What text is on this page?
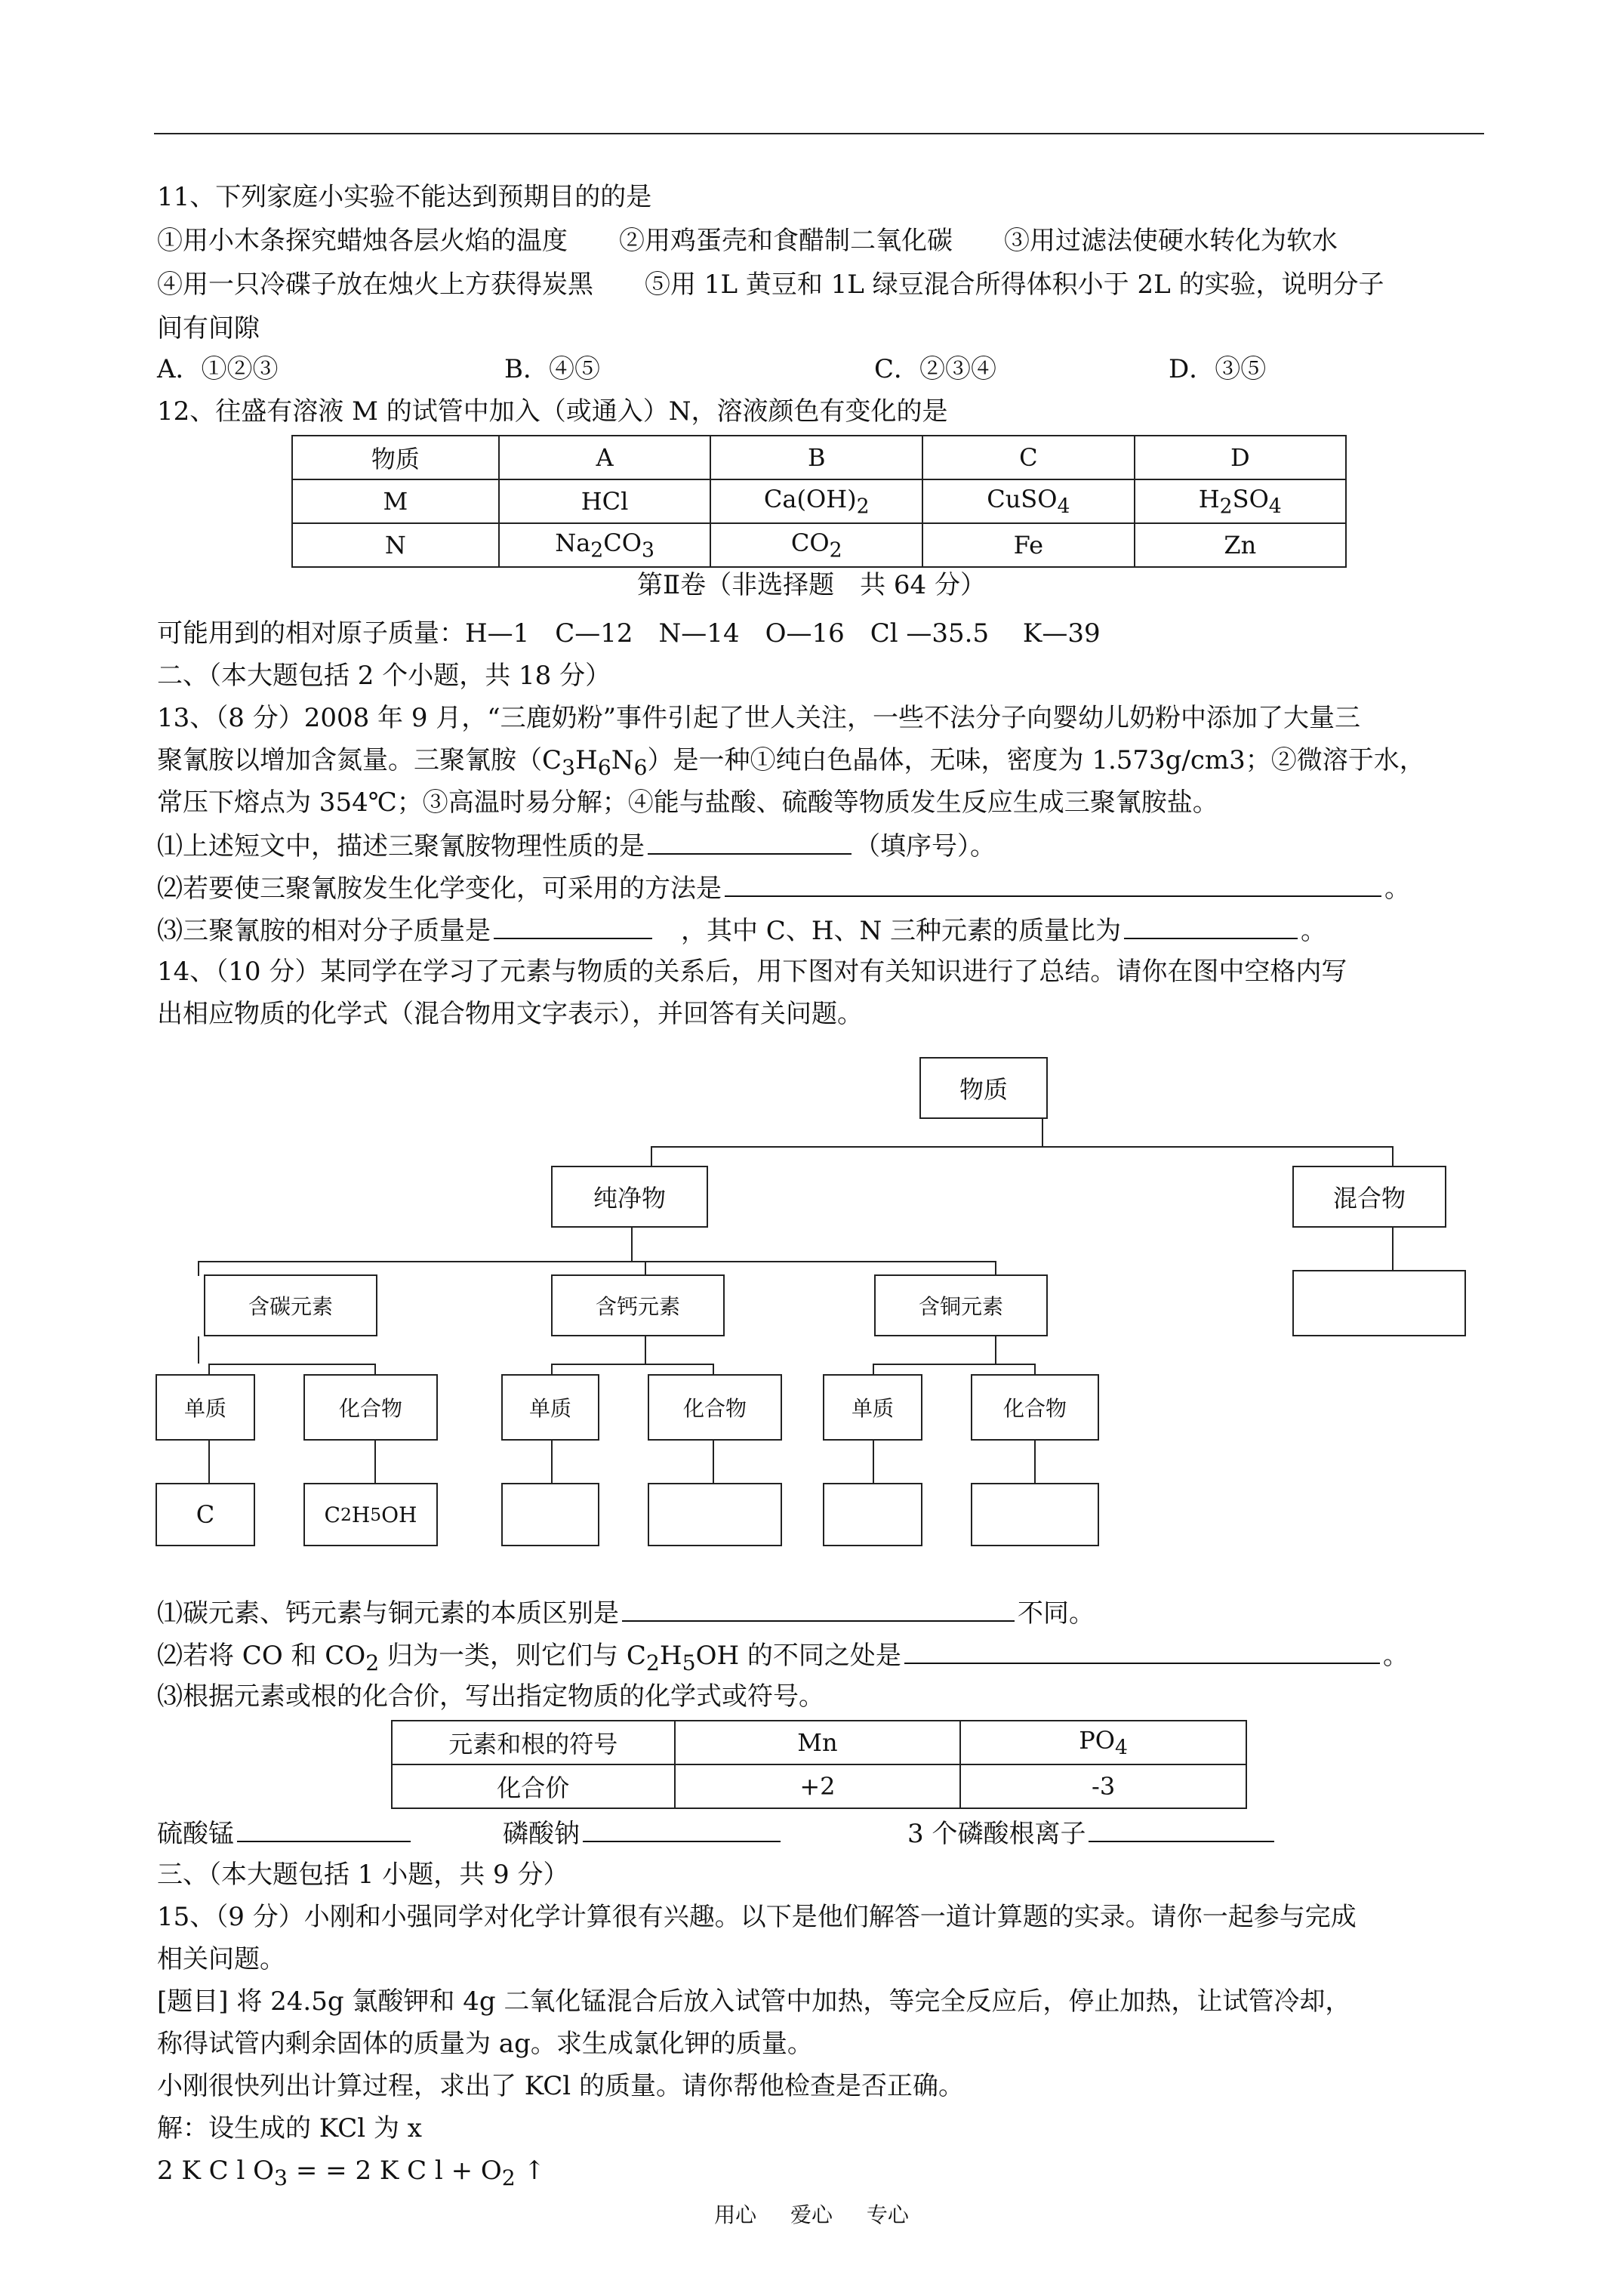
11、下列家庭小实验不能达到预期目的的是
①用小木条探究蜡烛各层火焰的温度　　②用鸡蛋壳和食醋制二氧化碳　　③用过滤法使硬水转化为软水
④用一只冷碟子放在烛火上方获得炭黑　　⑤用 1L 黄豆和 1L 绿豆混合所得体积小于 2L 的实验，说明分子
间有间隙
A．①②③	B．④⑤	C．②③④	D．③⑤
12、往盛有溶液 M 的试管中加入（或通入）N，溶液颜色有变化的是
物质	A	B	C	D
M	HCl	$Ca(OH)_2$	CuSO$_4$	$H_2SO_4$
N	$Na_2CO_3$	$CO_2$	Fe	Zn
第Ⅱ卷（非选择题　共 64 分）
可能用到的相对原子质量：H—1　C—12　N—14　O—16　Cl —35.5　 K—39
二、（本大题包括 2 个小题，共 18 分）
13、（8 分）2008 年 9 月，“三鹿奶粉”事件引起了世人关注，一些不法分子向婴幼儿奶粉中添加了大量三
聚氰胺以增加含氮量。三聚氰胺$(C_3H_6N_6)$是一种①纯白色晶体，无味，密度为 1.573g/cm3；②微溶于水，
常压下熔点为 354℃；③高温时易分解；④能与盐酸、硫酸等物质发生反应生成三聚氰胺盐。
⑴上述短文中，描述三聚氰胺物理性质的是	（填序号）。
⑵若要使三聚氰胺发生化学变化，可采用的方法是	。
⑶三聚氰胺的相对分子质量是　	，其中 C、H、N 三种元素的质量比为	。
14、（10 分）某同学在学习了元素与物质的关系后，用下图对有关知识进行了总结。请你在图中空格内写
出相应物质的化学式（混合物用文字表示），并回答有关问题。
物质
纯净物	混合物
含碳元素	含钙元素	含铜元素
单质	化合物	单质	化合物	单质	化合物
C	C 2 H 5 OH
⑴碳元素、钙元素与铜元素的本质区别是	不同。
⑵若将 CO 和 $CO_2$ 归为一类，则它们与 $C_2H_5OH$ 的不同之处是	。
⑶根据元素或根的化合价，写出指定物质的化学式或符号。
元素和根的符号	Mn	$PO_4$
化合价	+2	-3
硫酸锰	磷酸钠	3 个磷酸根离子
三、（本大题包括 1 小题，共 9 分）
15、（9 分）小刚和小强同学对化学计算很有兴趣。以下是他们解答一道计算题的实录。请你一起参与完成
相关问题。
[题目] 将 24.5g 氯酸钾和 4g 二氧化锰混合后放入试管中加热，等完全反应后，停止加热，让试管冷却，
称得试管内剩余固体的质量为 ag。求生成氯化钾的质量。
小刚很快列出计算过程，求出了 KCl 的质量。请你帮他检查是否正确。
解：设生成的 KCl 为 x
2 K C l $O_3$ = = 2 K C $l + O_2$ ↑
用心 爱心 专心
